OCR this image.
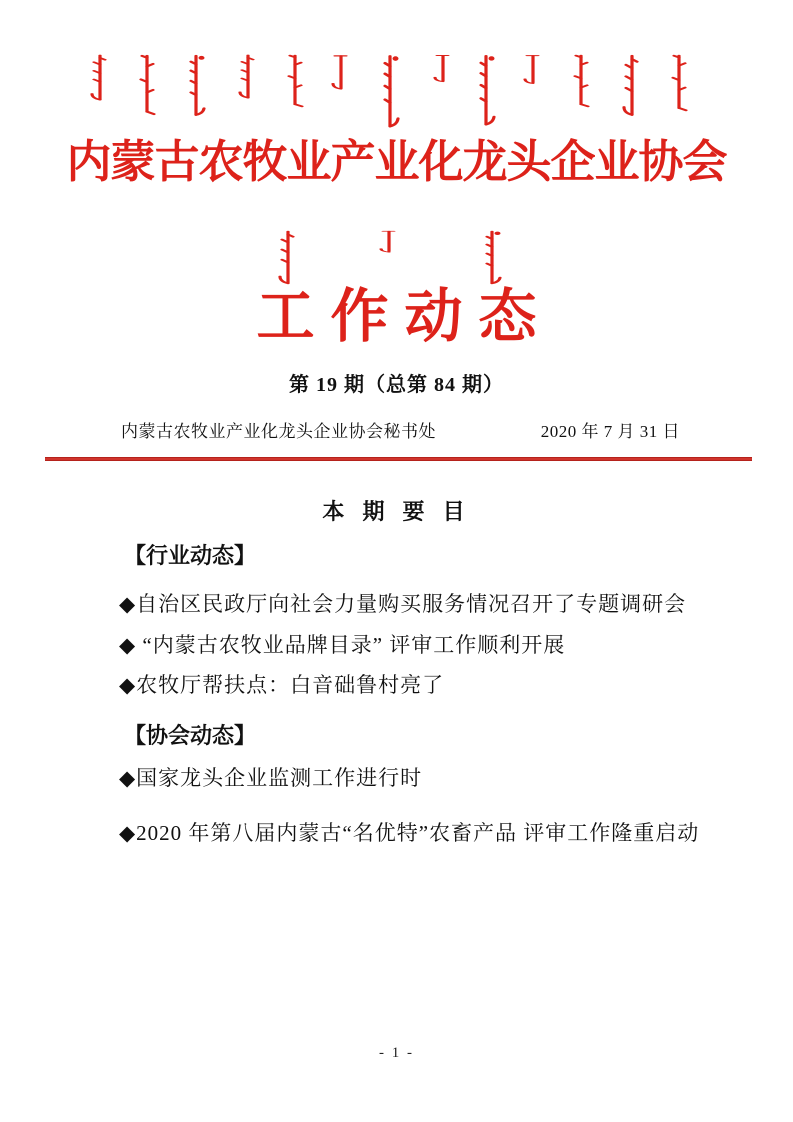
内蒙古农牧业产业化龙头企业协会
工作动态
第 19 期（总第 84 期）
内蒙古农牧业产业化龙头企业协会秘书处	2020 年 7 月 31 日
本 期 要 目
【行业动态】

◆自治区民政厅向社会力量购买服务情况召开了专题调研会

◆ “内蒙古农牧业品牌目录” 评审工作顺利开展

◆农牧厅帮扶点：白音础鲁村亮了

【协会动态】

◆国家龙头企业监测工作进行时

◆2020 年第八届内蒙古“名优特”农畜产品 评审工作隆重启动

- 1 -
